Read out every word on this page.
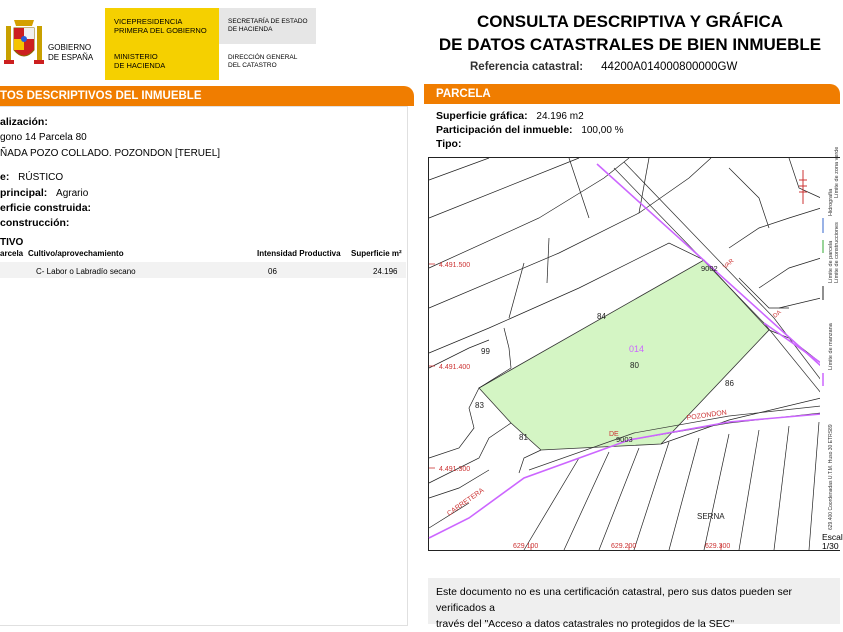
GOBIERNO
DE ESPAÑA
VICEPRESIDENCIA
PRIMERA DEL GOBIERNO
MINISTERIO
DE HACIENDA
SECRETARÍA DE ESTADO
DE HACIENDA
DIRECCIÓN GENERAL
DEL CATASTRO
CONSULTA DESCRIPTIVA Y GRÁFICA
DE DATOS CATASTRALES DE BIEN INMUEBLE
Referencia catastral: 44200A014000800000GW
TOS DESCRIPTIVOS DEL INMUEBLE
alización:
gono 14 Parcela 80
ÑADA POZO COLLADO. POZONDON [TERUEL]
e: RÚSTICO
principal: Agrario
erficie construida:
construcción:
TIVO
arcela Cultivo/aprovechamiento	Intensidad Productiva Superficie m²
C- Labor o Labradío secano	06	24.196
PARCELA
Superficie gráfica: 24.196 m2
Participación del inmueble: 100,00 %
Tipo:
014
80
84
99
83
81
86
9003
9002
4.491.500
4.491.400
4.491.300
629.100	629.200	629.300
CARRETERA
POZONDON
DE
SERNA
VAR
DA
Hidrografía
Límite de zona verde
Límite de parcela Límite de construcciones
Límite de manzana
629.400 Coordenadas U.T.M. Huso 30 ETRS89
Escal
1/30
Este documento no es una certificación catastral, pero sus datos pueden ser verificados a
través del "Acceso a datos catastrales no protegidos de la SEC"
